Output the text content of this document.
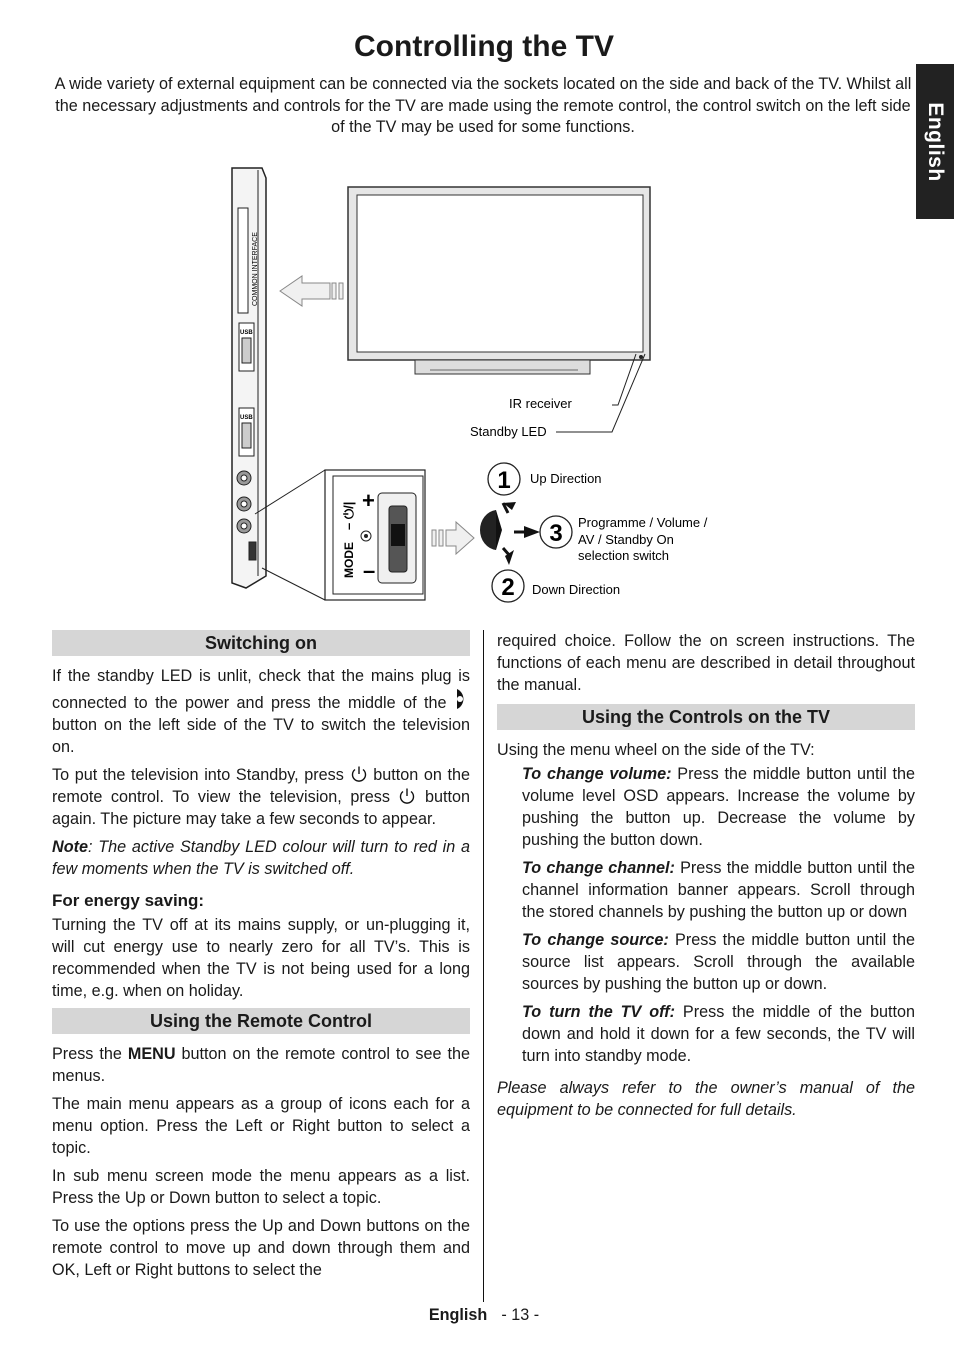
Controlling the TV
A wide variety of external equipment can be connected via the sockets located on the side and back of the TV. Whilst all the necessary adjustments and controls for the TV are made using the remote control, the control switch on the left side of the TV may be used for some functions.	English
COMMON INTERFACE
USB
USB
IR receiver
Standby LED
+
–
MODE
– ⏻/|
1 Up Direction
3 Programme / Volume /
AV / Standby On
selection switch
2 Down Direction
Switching on

If the standby LED is unlit, check that the mains plug is connected to the power and press the middle of the  button on the left side of the TV to switch the television on.

To put the television into Standby, press button on the remote control. To view the television, press button again. The picture may take a few seconds to appear.

Note: The active Standby LED colour will turn to red in a few moments when the TV is switched off.

For energy saving:

Turning the TV off at its mains supply, or un-plugging it, will cut energy use to nearly zero for all TV’s. This is recommended when the TV is not being used for a long time, e.g. when on holiday.

Using the Remote Control

Press the MENU button on the remote control to see the menus.

The main menu appears as a group of icons each for a menu option. Press the Left or Right button to select a topic.

In sub menu screen mode the menu appears as a list. Press the Up or Down button to select a topic.

To use the options press the Up and Down buttons on the remote control to move up and down through them and OK, Left or Right buttons to select the

required choice. Follow the on screen instructions. The functions of each menu are described in detail throughout the manual.

Using the Controls on the TV

Using the menu wheel on the side of the TV:

To change volume: Press the middle button until the volume level OSD appears. Increase the volume by pushing the button up. Decrease the volume by pushing the button down.

To change channel: Press the middle button until the channel information banner appears. Scroll through the stored channels by pushing the button up or down

To change source: Press the middle button until the source list appears. Scroll through the available sources by pushing the button up or down.

To turn the TV off: Press the middle of the button down and hold it down for a few seconds, the TV will turn into standby mode.

Please always refer to the owner’s manual of the equipment to be connected for full details.

English - 13 -
